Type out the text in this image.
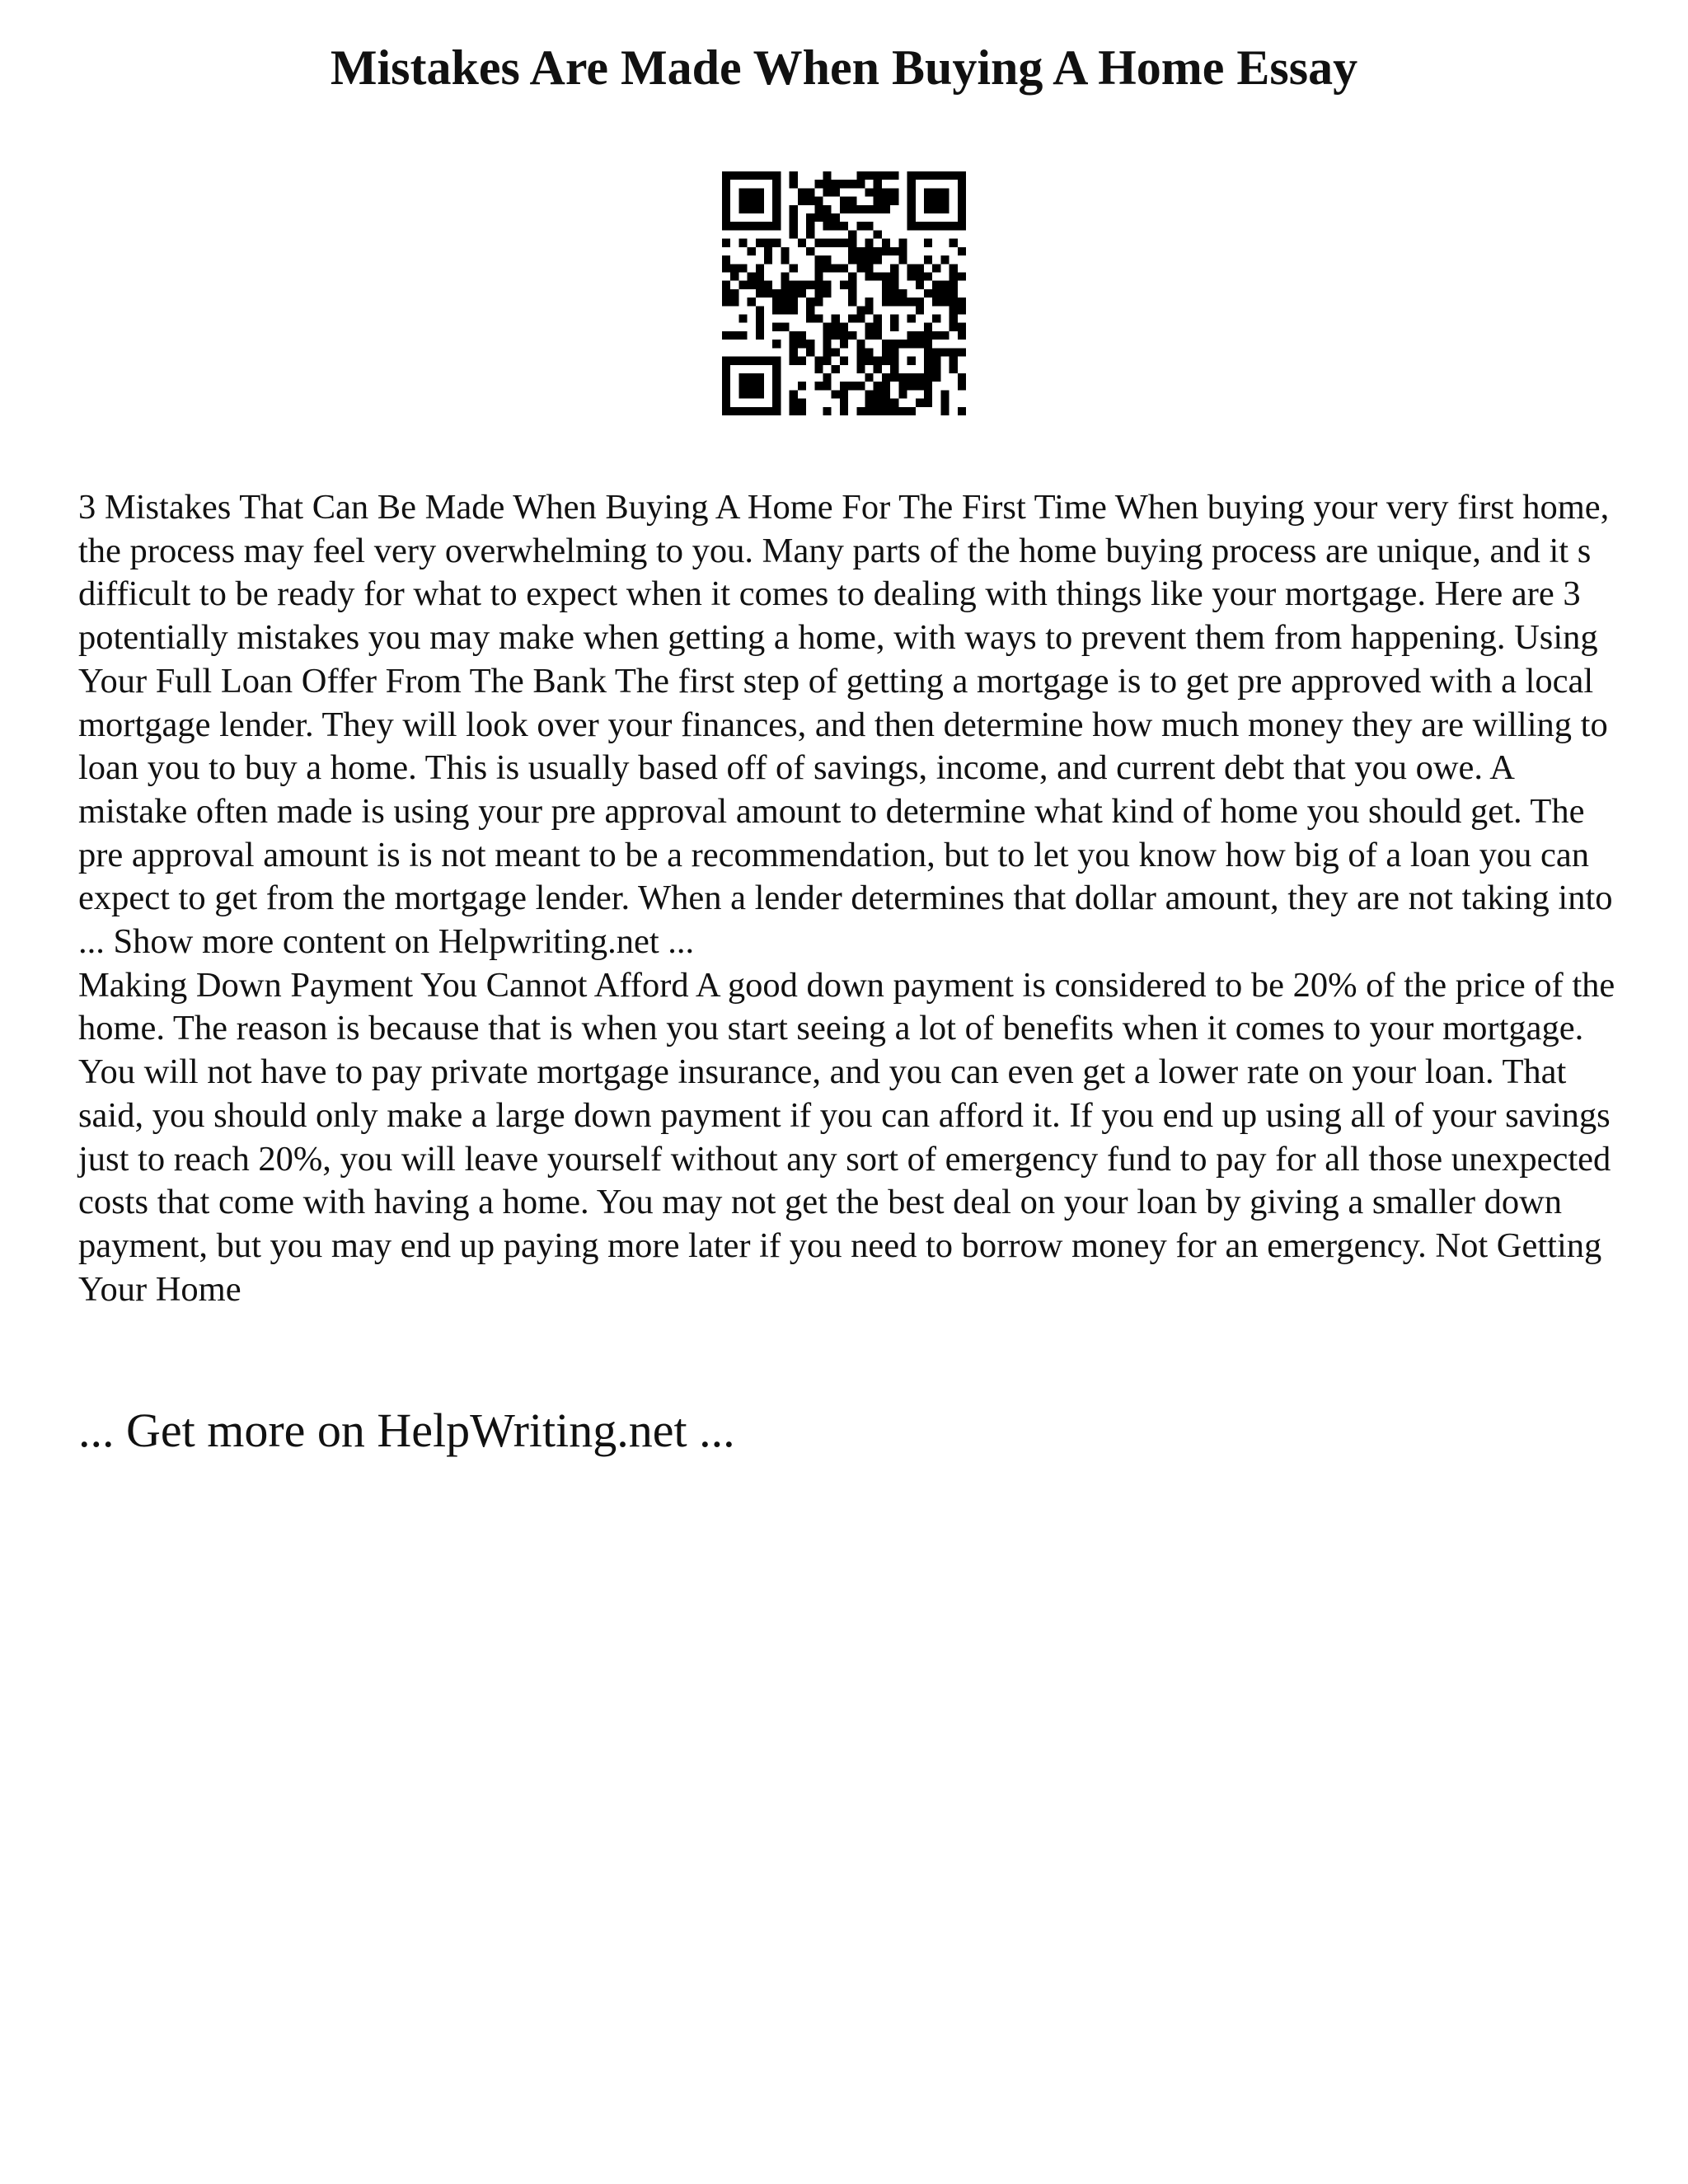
Mistakes Are Made When Buying A Home Essay

3 Mistakes That Can Be Made When Buying A Home For The First Time When buying your very first home, the process may feel very overwhelming to you. Many parts of the home buying process are unique, and it s difficult to be ready for what to expect when it comes to dealing with things like your mortgage. Here are 3 potentially mistakes you may make when getting a home, with ways to prevent them from happening. Using Your Full Loan Offer From The Bank The first step of getting a mortgage is to get pre approved with a local mortgage lender. They will look over your finances, and then determine how much money they are willing to loan you to buy a home. This is usually based off of savings, income, and current debt that you owe. A mistake often made is using your pre approval amount to determine what kind of home you should get. The pre approval amount is is not meant to be a recommendation, but to let you know how big of a loan you can expect to get from the mortgage lender. When a lender determines that dollar amount, they are not taking into ... Show more content on Helpwriting.net ...

Making Down Payment You Cannot Afford A good down payment is considered to be 20% of the price of the home. The reason is because that is when you start seeing a lot of benefits when it comes to your mortgage. You will not have to pay private mortgage insurance, and you can even get a lower rate on your loan. That said, you should only make a large down payment if you can afford it. If you end up using all of your savings just to reach 20%, you will leave yourself without any sort of emergency fund to pay for all those unexpected costs that come with having a home. You may not get the best deal on your loan by giving a smaller down payment, but you may end up paying more later if you need to borrow money for an emergency. Not Getting Your Home

... Get more on HelpWriting.net ...
